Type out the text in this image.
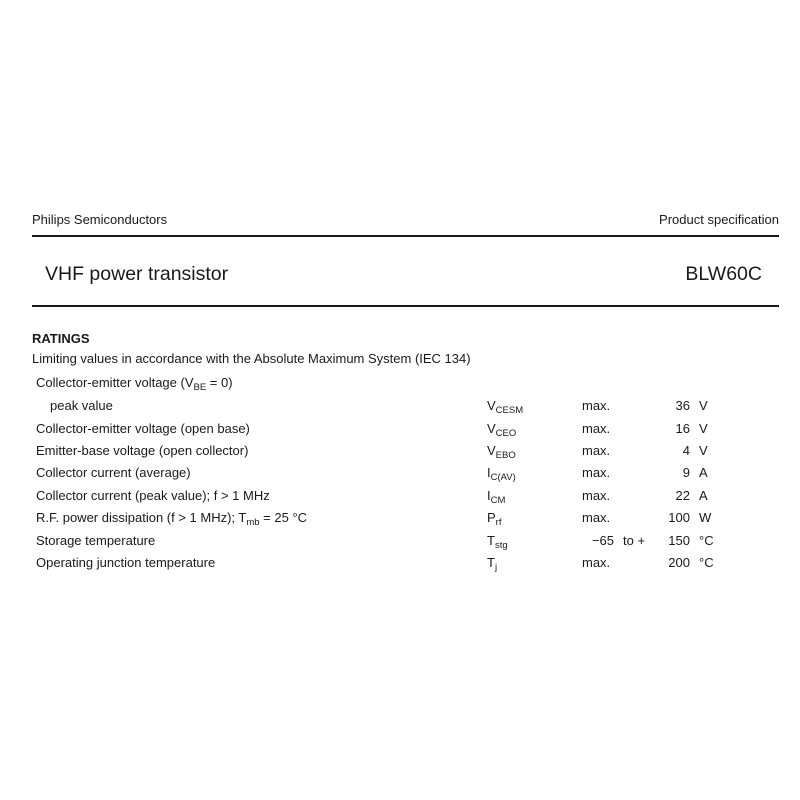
Philips Semiconductors	Product specification
VHF power transistor	BLW60C
RATINGS
Limiting values in accordance with the Absolute Maximum System (IEC 134)
Collector-emitter voltage $(V_{BE} = 0)$
peak value	$V_{CESM}$	max.	36 V
Collector-emitter voltage (open base)	$V_{CEO}$	max.	16 V
Emitter-base voltage (open collector)	$V_{EBO}$	max.	4 V
Collector current (average)	$I_{C(AV)}$	max.	9 A
Collector current (peak value); f > 1 MHz	$I_{CM}$	max.	22 A
R.F. power dissipation (f > 1 MHz); $T_{mb} = 25$ °C	$P_{rf}$	max.	100 W
Storage temperature	$T_{stg}$	−65 to + 150 °C
Operating junction temperature	$T_j$	max.	200 °C
